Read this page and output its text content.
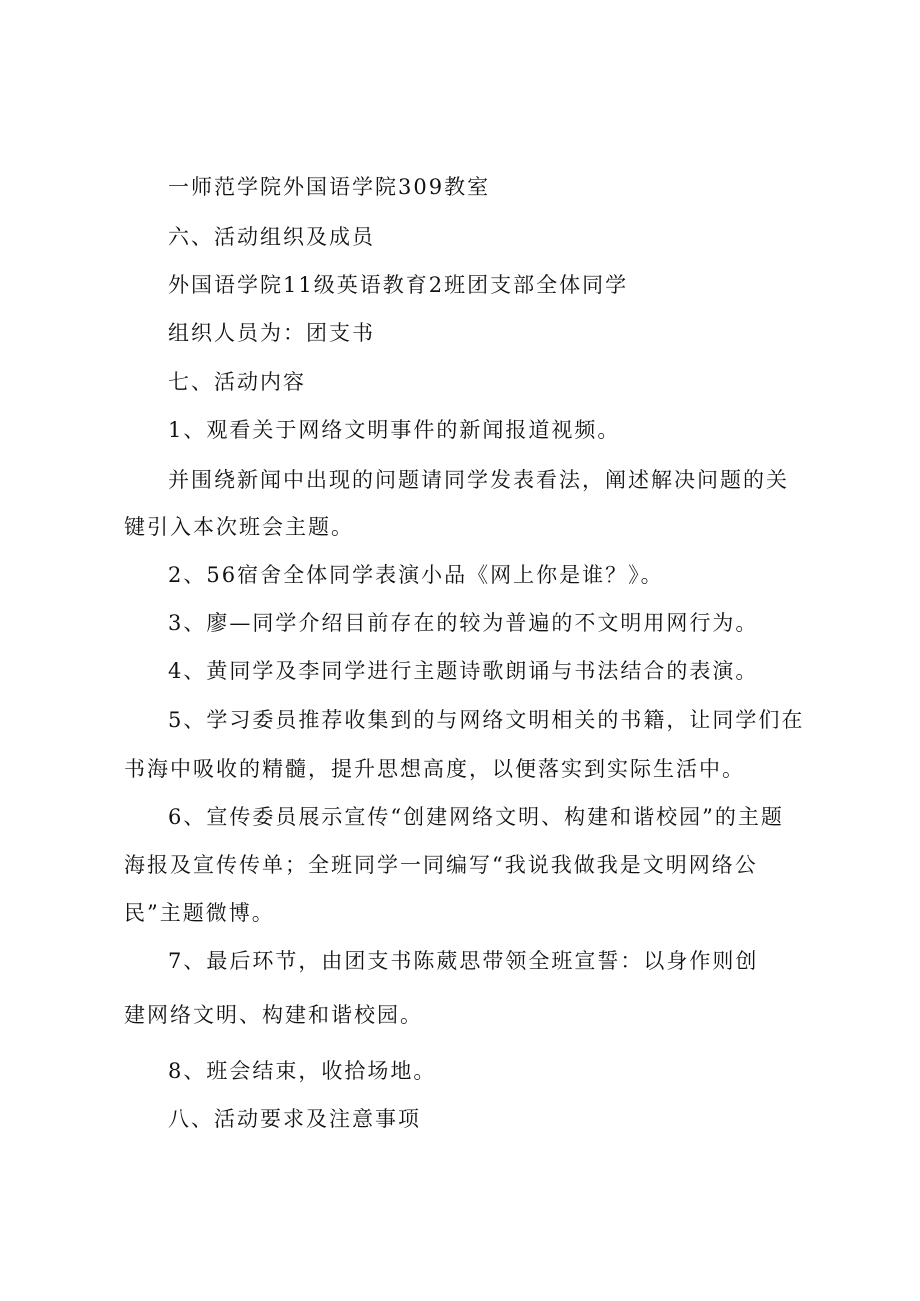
一师范学院外国语学院309教室

六、活动组织及成员

外国语学院11级英语教育2班团支部全体同学

组织人员为：团支书

七、活动内容

1、观看关于网络文明事件的新闻报道视频。

并围绕新闻中出现的问题请同学发表看法，阐述解决问题的关

键引入本次班会主题。

2、56宿舍全体同学表演小品《网上你是谁？》。

3、廖—同学介绍目前存在的较为普遍的不文明用网行为。

4、黄同学及李同学进行主题诗歌朗诵与书法结合的表演。

5、学习委员推荐收集到的与网络文明相关的书籍，让同学们在

书海中吸收的精髓，提升思想高度，以便落实到实际生活中。

6、宣传委员展示宣传“创建网络文明、构建和谐校园”的主题

海报及宣传传单；全班同学一同编写“我说我做我是文明网络公

民”主题微博。

7、最后环节，由团支书陈葳思带领全班宣誓：以身作则创

建网络文明、构建和谐校园。

8、班会结束，收拾场地。

八、活动要求及注意事项
